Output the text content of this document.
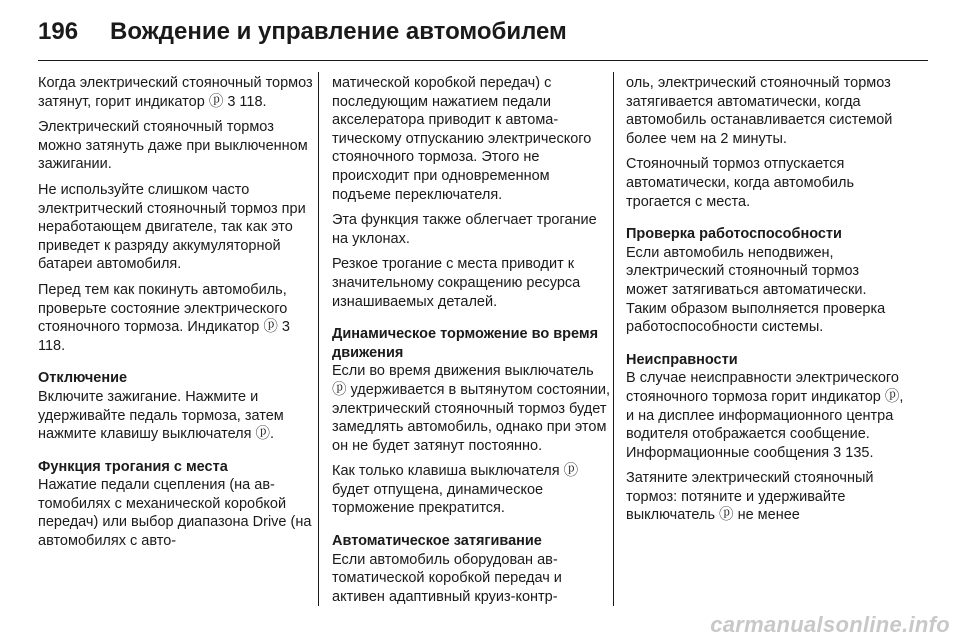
196 Вождение и управление автомобилем

Когда электрический стояночный тормоз затянут, горит индикатор ⓟ 3 118.

Электрический стояночный тормоз можно затянуть даже при выключенном зажигании.

Не используйте слишком часто электритческий стояночный тормоз при неработающем двигателе, так как это приведет к разряду аккумуляторной батареи автомобиля.

Перед тем как покинуть автомобиль, проверьте состояние электрического стояночного тормоза. Индикатор ⓟ 3 118.

Отключение

Включите зажигание. Нажмите и удерживайте педаль тормоза, затем нажмите клавишу выключателя ⓟ.

Функция трогания с места

Нажатие педали сцепления (на автомобилях с механической коробкой передач) или выбор диапазона Drive (на автомобилях с авто-

матической коробкой передач) с последующим нажатием педали акселератора приводит к автоматическому отпусканию электрического стояночного тормоза. Этого не происходит при одновременном подъеме переключателя.

Эта функция также облегчает трогание на уклонах.

Резкое трогание с места приводит к значительному сокращению ресурса изнашиваемых деталей.

Динамическое торможение во время движения

Если во время движения выключатель ⓟ удерживается в вытянутом состоянии, электрический стояночный тормоз будет замедлять автомобиль, однако при этом он не будет затянут постоянно.

Как только клавиша выключателя ⓟ будет отпущена, динамическое торможение прекратится.

Автоматическое затягивание

Если автомобиль оборудован автоматической коробкой передач и активен адаптивный круиз-контр-

оль, электрический стояночный тормоз затягивается автоматически, когда автомобиль останавливается системой более чем на 2 минуты.

Стояночный тормоз отпускается автоматически, когда автомобиль трогается с места.

Проверка работоспособности

Если автомобиль неподвижен, электрический стояночный тормоз может затягиваться автоматически. Таким образом выполняется проверка работоспособности системы.

Неисправности

В случае неисправности электрического стояночного тормоза горит индикатор ⓟ, и на дисплее информационного центра водителя отображается сообщение. Информационные сообщения 3 135.

Затяните электрический стояночный тормоз: потяните и удерживайте выключатель ⓟ не менее

carmanualsonline.info
